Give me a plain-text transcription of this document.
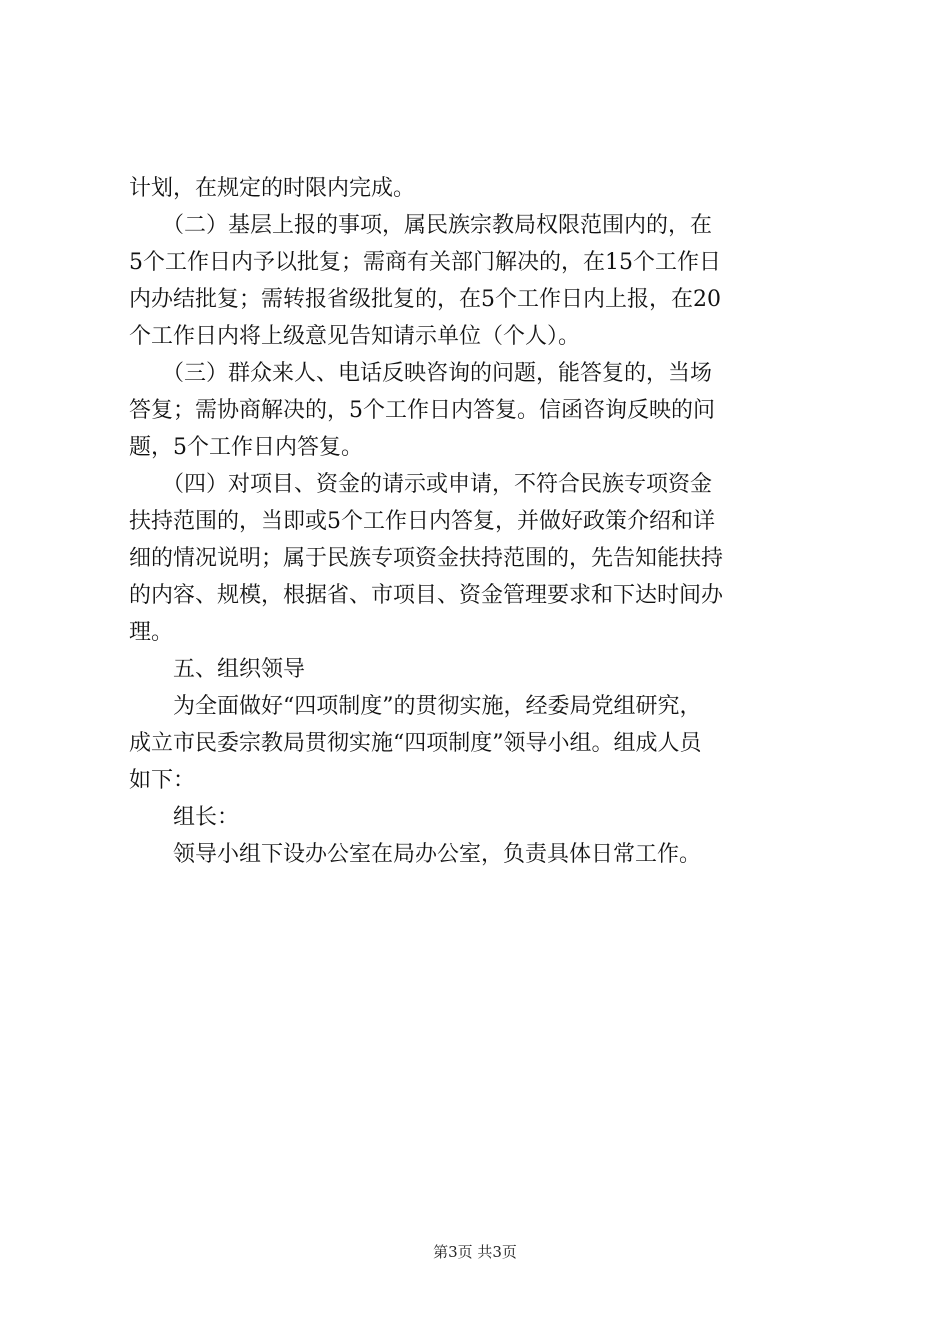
计划，在规定的时限内完成。
　　（二）基层上报的事项，属民族宗教局权限范围内的，在
5个工作日内予以批复；需商有关部门解决的，在15个工作日
内办结批复；需转报省级批复的，在5个工作日内上报，在20
个工作日内将上级意见告知请示单位（个人）。
　　（三）群众来人、电话反映咨询的问题，能答复的，当场
答复；需协商解决的，5个工作日内答复。信函咨询反映的问
题，5个工作日内答复。
　　（四）对项目、资金的请示或申请，不符合民族专项资金
扶持范围的，当即或5个工作日内答复，并做好政策介绍和详
细的情况说明；属于民族专项资金扶持范围的，先告知能扶持
的内容、规模，根据省、市项目、资金管理要求和下达时间办
理。
　　五、组织领导
　　为全面做好“四项制度”的贯彻实施，经委局党组研究，
成立市民委宗教局贯彻实施“四项制度”领导小组。组成人员
如下：
　　组长：
　　领导小组下设办公室在局办公室，负责具体日常工作。
第3页 共3页
